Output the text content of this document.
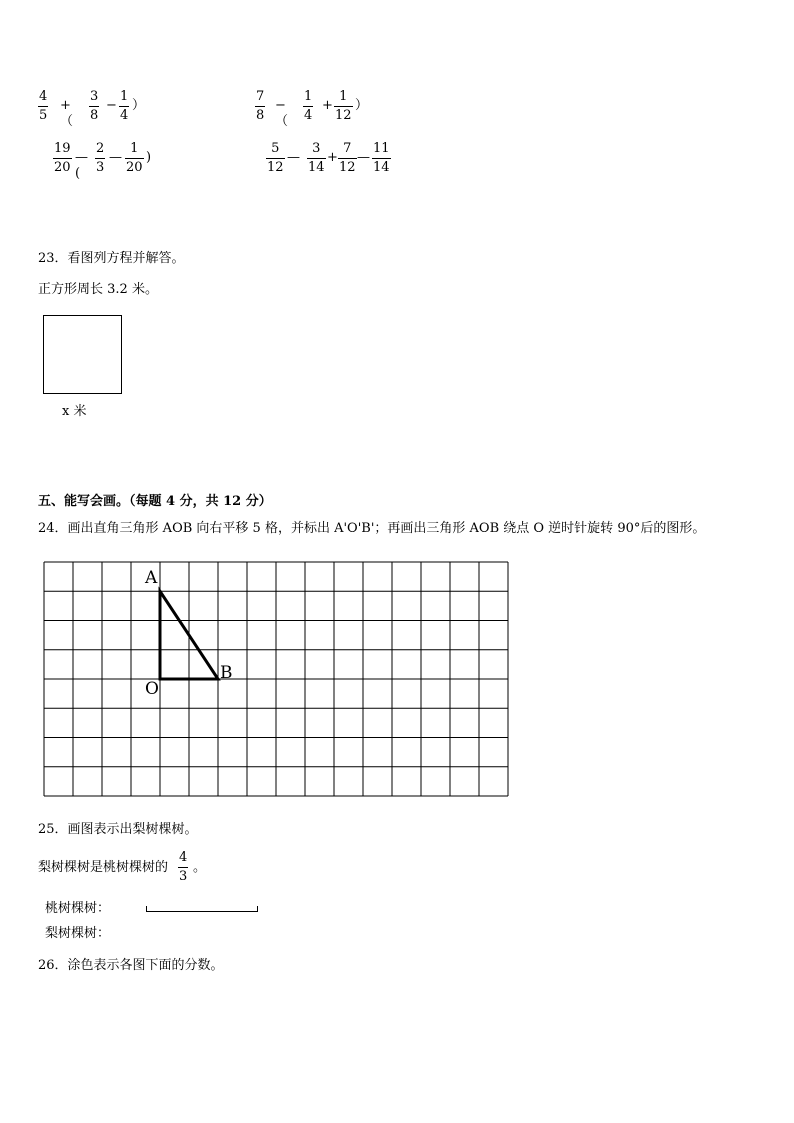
4
5
+（
3
8
−
1
4
）
7
8
−（
1
4
+
1
12
）
19
20
—(
2
3
—
1
20
)
5
12
—
3
14
+
7
12
—
11
14
23．看图列方程并解答。
正方形周长 3.2 米。
x 米
五、能写会画。（每题 4 分，共 12 分）
24．画出直角三角形 AOB 向右平移 5 格，并标出 A'O'B'；再画出三角形 AOB 绕点 O 逆时针旋转 90°后的图形。
A
O
B
25．画图表示出梨树棵树。
梨树棵树是桃树棵树的
4
3
。
桃树棵树：
梨树棵树：
26．涂色表示各图下面的分数。
